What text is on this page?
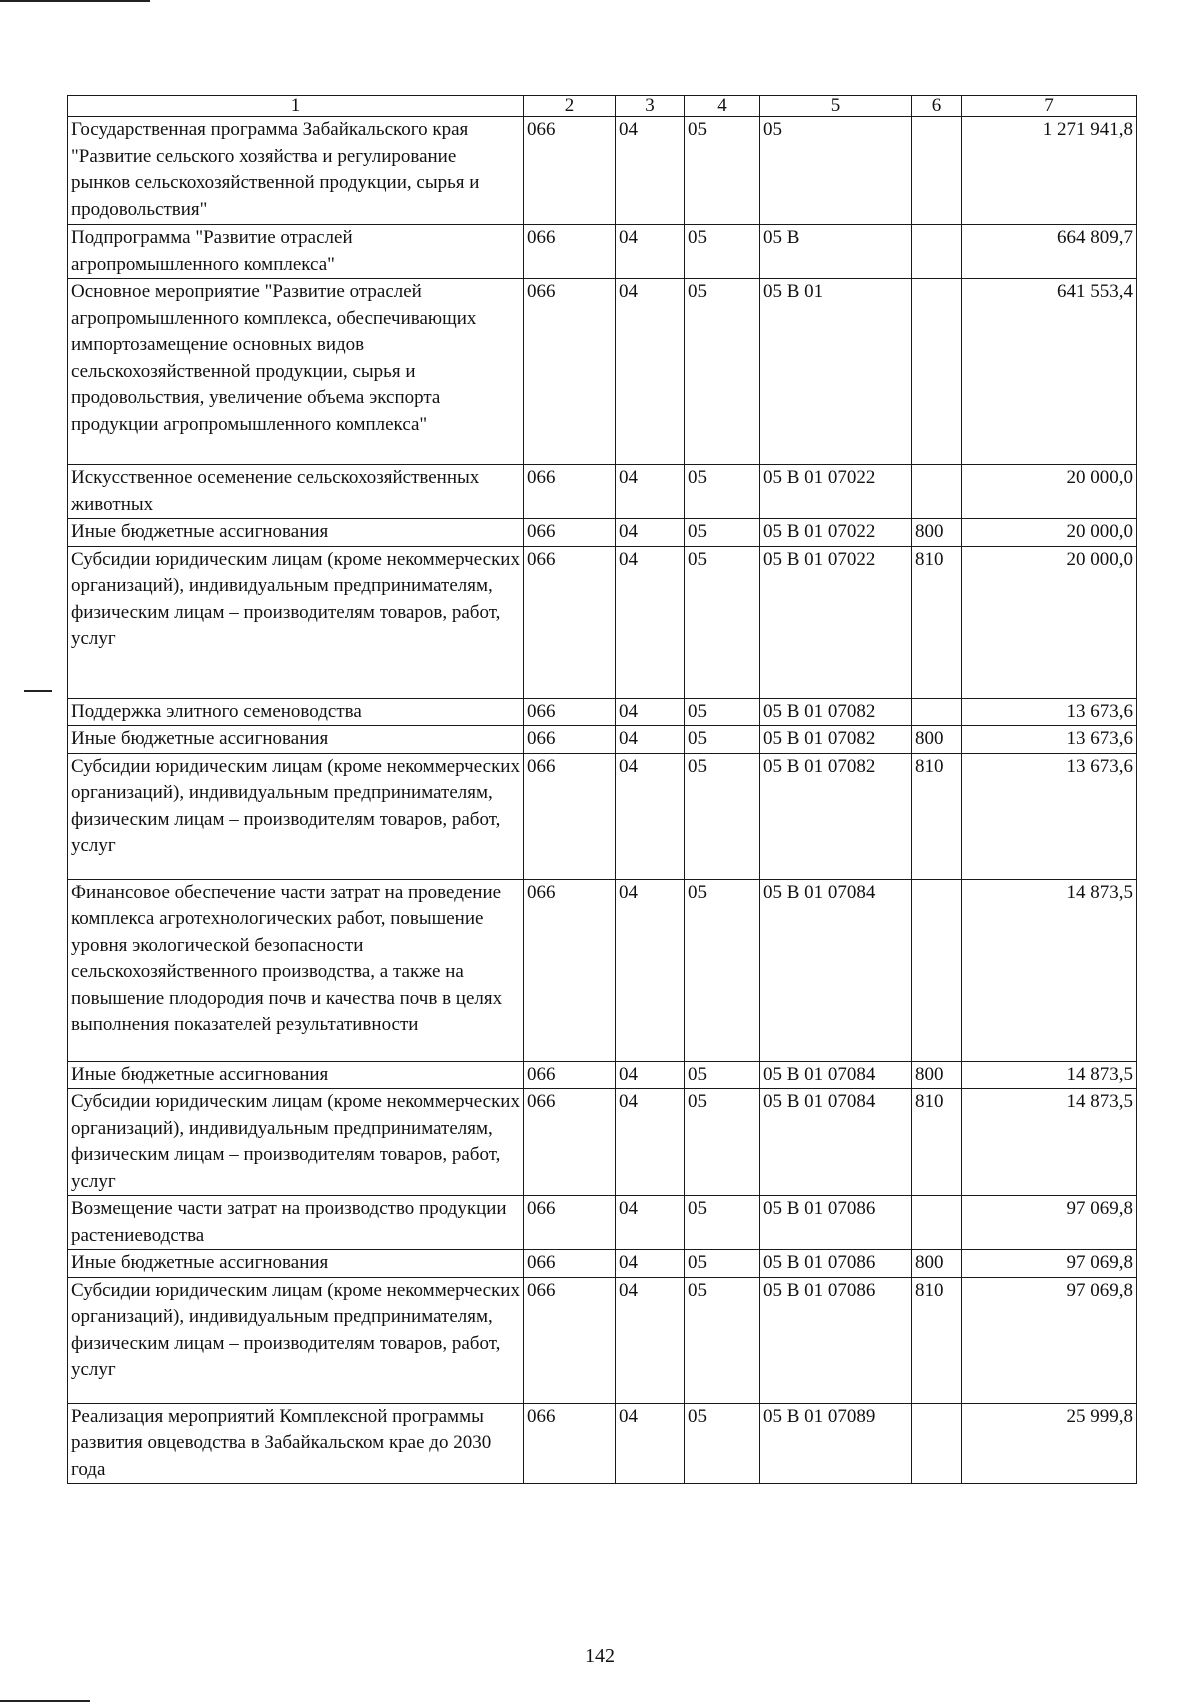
1	2	3	4	5	6	7
Государственная программа Забайкальского края "Развитие сельского хозяйства и регулирование рынков сельскохозяйственной продукции, сырья и продовольствия"	066	04	05	05		1 271 941,8
Подпрограмма "Развитие отраслей агропромышленного комплекса"	066	04	05	05 В		664 809,7
Основное мероприятие "Развитие отраслей агропромышленного комплекса, обеспечивающих импортозамещение основных видов сельскохозяйственной продукции, сырья и продовольствия, увеличение объема экспорта продукции агропромышленного комплекса"	066	04	05	05 В 01		641 553,4
Искусственное осеменение сельскохозяйственных животных	066	04	05	05 В 01 07022		20 000,0
Иные бюджетные ассигнования	066	04	05	05 В 01 07022	800	20 000,0
Субсидии юридическим лицам (кроме некоммерческих организаций), индивидуальным предпринимателям, физическим лицам – производителям товаров, работ, услуг	066	04	05	05 В 01 07022	810	20 000,0
Поддержка элитного семеноводства	066	04	05	05 В 01 07082		13 673,6
Иные бюджетные ассигнования	066	04	05	05 В 01 07082	800	13 673,6
Субсидии юридическим лицам (кроме некоммерческих организаций), индивидуальным предпринимателям, физическим лицам – производителям товаров, работ, услуг	066	04	05	05 В 01 07082	810	13 673,6
Финансовое обеспечение части затрат на проведение комплекса агротехнологических работ, повышение уровня экологической безопасности сельскохозяйственного производства, а также на повышение плодородия почв и качества почв в целях выполнения показателей результативности	066	04	05	05 В 01 07084		14 873,5
Иные бюджетные ассигнования	066	04	05	05 В 01 07084	800	14 873,5
Субсидии юридическим лицам (кроме некоммерческих организаций), индивидуальным предпринимателям, физическим лицам – производителям товаров, работ, услуг	066	04	05	05 В 01 07084	810	14 873,5
Возмещение части затрат на производство продукции растениеводства	066	04	05	05 В 01 07086		97 069,8
Иные бюджетные ассигнования	066	04	05	05 В 01 07086	800	97 069,8
Субсидии юридическим лицам (кроме некоммерческих организаций), индивидуальным предпринимателям, физическим лицам – производителям товаров, работ, услуг	066	04	05	05 В 01 07086	810	97 069,8
Реализация мероприятий Комплексной программы развития овцеводства в Забайкальском крае до 2030 года	066	04	05	05 В 01 07089		25 999,8
142
